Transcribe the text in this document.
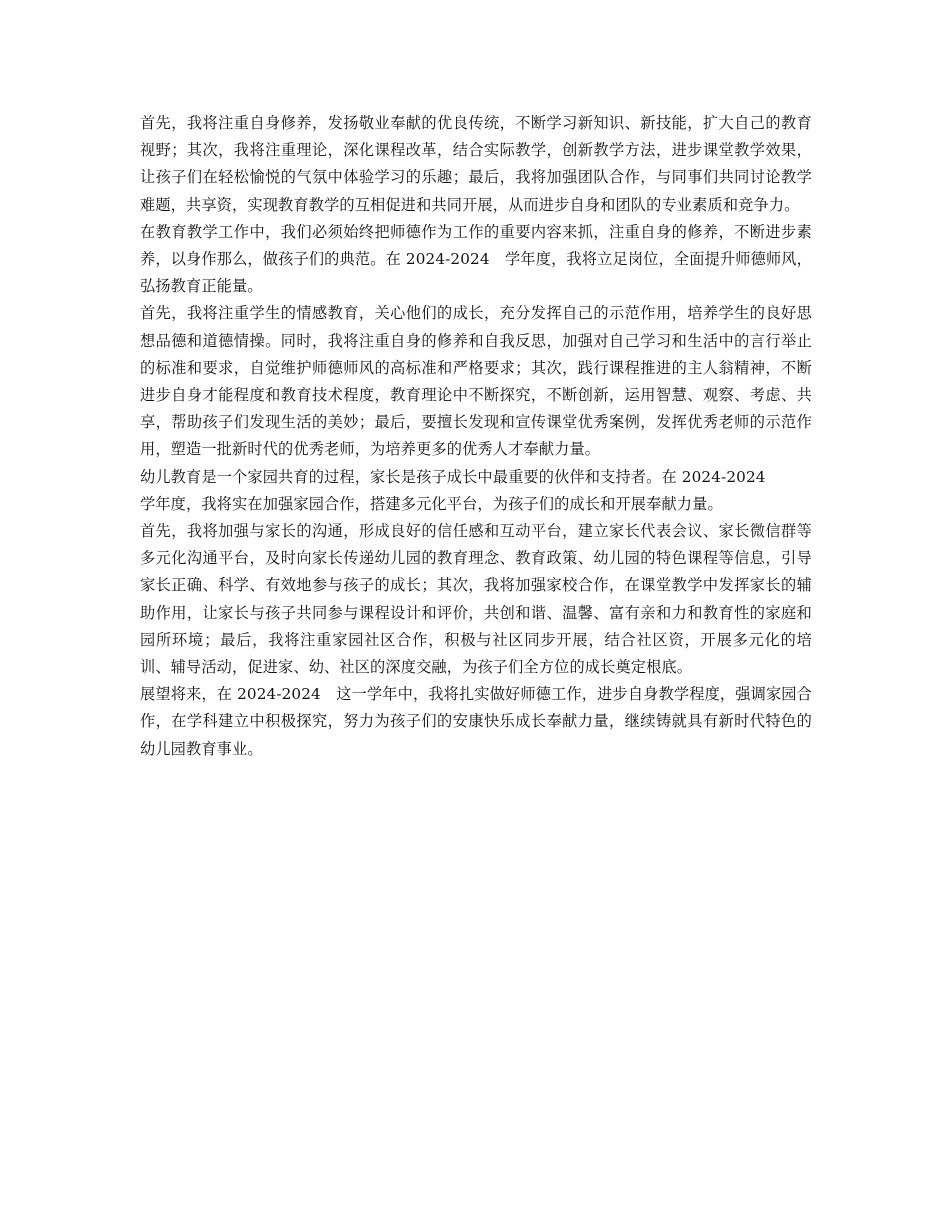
首先，我将注重自身修养，发扬敬业奉献的优良传统，不断学习新知识、新技能，扩大自己的教育视野；其次，我将注重理论，深化课程改革，结合实际教学，创新教学方法，进步课堂教学效果，让孩子们在轻松愉悦的气氛中体验学习的乐趣；最后，我将加强团队合作，与同事们共同讨论教学难题，共享资，实现教育教学的互相促进和共同开展，从而进步自身和团队的专业素质和竞争力。

在教育教学工作中，我们必须始终把师德作为工作的重要内容来抓，注重自身的修养，不断进步素养，以身作那么，做孩子们的典范。在 2024-2024　学年度，我将立足岗位，全面提升师德师风，弘扬教育正能量。

首先，我将注重学生的情感教育，关心他们的成长，充分发挥自己的示范作用，培养学生的良好思想品德和道德情操。同时，我将注重自身的修养和自我反思，加强对自己学习和生活中的言行举止的标准和要求，自觉维护师德师风的高标准和严格要求；其次，践行课程推进的主人翁精神，不断进步自身才能程度和教育技术程度，教育理论中不断探究，不断创新，运用智慧、观察、考虑、共享，帮助孩子们发现生活的美妙；最后，要擅长发现和宣传课堂优秀案例，发挥优秀老师的示范作用，塑造一批新时代的优秀老师，为培养更多的优秀人才奉献力量。

幼儿教育是一个家园共育的过程，家长是孩子成长中最重要的伙伴和支持者。在 2024-2024
学年度，我将实在加强家园合作，搭建多元化平台，为孩子们的成长和开展奉献力量。

首先，我将加强与家长的沟通，形成良好的信任感和互动平台，建立家长代表会议、家长微信群等多元化沟通平台，及时向家长传递幼儿园的教育理念、教育政策、幼儿园的特色课程等信息，引导家长正确、科学、有效地参与孩子的成长；其次，我将加强家校合作，在课堂教学中发挥家长的辅助作用，让家长与孩子共同参与课程设计和评价，共创和谐、温馨、富有亲和力和教育性的家庭和园所环境；最后，我将注重家园社区合作，积极与社区同步开展，结合社区资，开展多元化的培训、辅导活动，促进家、幼、社区的深度交融，为孩子们全方位的成长奠定根底。

展望将来，在 2024-2024　这一学年中，我将扎实做好师德工作，进步自身教学程度，强调家园合作，在学科建立中积极探究，努力为孩子们的安康快乐成长奉献力量，继续铸就具有新时代特色的幼儿园教育事业。
